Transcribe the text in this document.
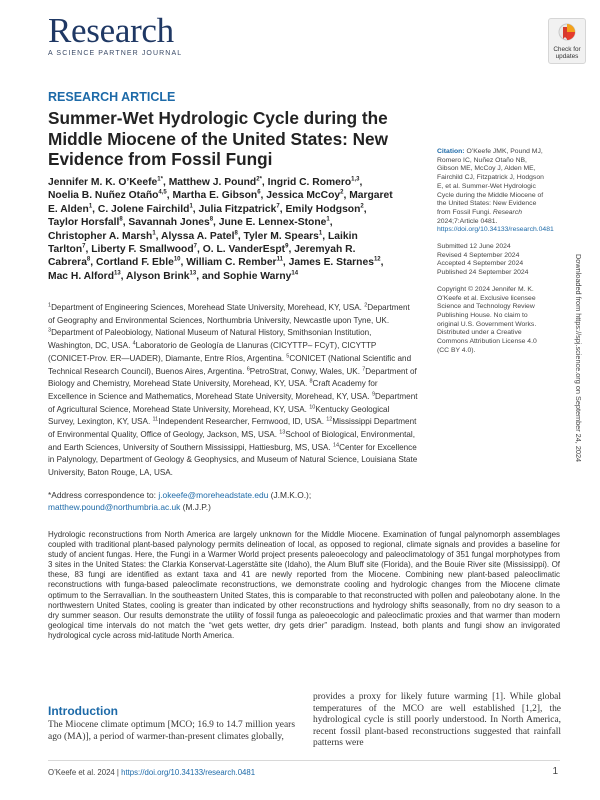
Research
A SCIENCE PARTNER JOURNAL
Check for
updates
RESEARCH ARTICLE
Summer-Wet Hydrologic Cycle during the Middle Miocene of the United States: New Evidence from Fossil Fungi
Jennifer M. K. O’Keefe$^{1*}$, Matthew J. Pound$^{2*}$, Ingrid C. Romero$^{1,3}$, Noelia B. Nuñez Otaño$^{4,5}$, Martha E. Gibson$^6$, Jessica McCoy$^2$, Margaret E. Alden$^1$, C. Jolene Fairchild$^1$, Julia Fitzpatrick$^7$, Emily Hodgson$^2$, Taylor Horsfall$^8$, Savannah Jones$^8$, June E. Lennex-Stone$^1$, Christopher A. Marsh$^1$, Alyssa A. Patel$^8$, Tyler M. Spears$^1$, Laikin Tarlton$^7$, Liberty F. Smallwood$^7$, O. L. VanderEspt$^9$, Jeremyah R. Cabrera$^8$, Cortland F. Eble$^{10}$, William C. Rember$^{11}$, James E. Starnes$^{12}$, Mac H. Alford$^{13}$, Alyson Brink$^{13}$, and Sophie Warny$^{14}$
$^1$Department of Engineering Sciences, Morehead State University, Morehead, KY, USA. $^2$Department of Geography and Environmental Sciences, Northumbria University, Newcastle upon Tyne, UK. $^3$Department of Paleobiology, National Museum of Natural History, Smithsonian Institution, Washington, DC, USA. $^4$Laboratorio de Geología de Llanuras (CICYTTP– FCyT), CICYTTP (CONICET-Prov. ER—UADER), Diamante, Entre Ríos, Argentina. $^5$CONICET (National Scientific and Technical Research Council), Buenos Aires, Argentina. $^6$PetroStrat, Conwy, Wales, UK. $^7$Department of Biology and Chemistry, Morehead State University, Morehead, KY, USA. $^8$Craft Academy for Excellence in Science and Mathematics, Morehead State University, Morehead, KY, USA. $^9$Department of Agricultural Science, Morehead State University, Morehead, KY, USA. $^{10}$Kentucky Geological Survey, Lexington, KY, USA. $^{11}$Independent Researcher, Fernwood, ID, USA. $^{12}$Mississippi Department of Environmental Quality, Office of Geology, Jackson, MS, USA. $^{13}$School of Biological, Environmental, and Earth Sciences, University of Southern Mississippi, Hattiesburg, MS, USA. $^{14}$Center for Excellence in Palynology, Department of Geology & Geophysics, and Museum of Natural Science, Louisiana State University, Baton Rouge, LA, USA.
*Address correspondence to: j.okeefe@moreheadstate.edu (J.M.K.O.); matthew.pound@northumbria.ac.uk (M.J.P.)
Hydrologic reconstructions from North America are largely unknown for the Middle Miocene. Examination of fungal palynomorph assemblages coupled with traditional plant-based palynology permits delineation of local, as opposed to regional, climate signals and provides a baseline for study of ancient fungas. Here, the Fungi in a Warmer World project presents paleoecology and paleoclimatology of 351 fungal morphotypes from 3 sites in the United States: the Clarkia Konservat-Lagerstätte site (Idaho), the Alum Bluff site (Florida), and the Bouie River site (Mississippi). Of these, 83 fungi are identified as extant taxa and 41 are newly reported from the Miocene. Combining new plant-based paleoclimatic reconstructions with funga-based paleoclimate reconstructions, we demonstrate cooling and hydrologic changes from the Miocene climate optimum to the Serravallian. In the southeastern United States, this is comparable to that reconstructed with pollen and paleobotany alone. In the northwestern United States, cooling is greater than indicated by other reconstructions and hydrology shifts seasonally, from no dry season to a dry summer season. Our results demonstrate the utility of fossil funga as paleoecologic and paleoclimatic proxies and that warmer than modern geological time intervals do not match the “wet gets wetter, dry gets drier” paradigm. Instead, both plants and fungi show an invigorated hydrological cycle across mid-latitude North America.

Citation: O’Keefe JMK, Pound MJ, Romero IC, Nuñez Otaño NB, Gibson ME, McCoy J, Alden ME, Fairchild CJ, Fitzpatrick J, Hodgson E, et al. Summer-Wet Hydrologic Cycle during the Middle Miocene of the United States: New Evidence from Fossil Fungi. Research 2024;7:Article 0481. https://doi.org/10.34133/research.0481

Submitted 12 June 2024
Revised 4 September 2024
Accepted 4 September 2024
Published 24 September 2024

Copyright © 2024 Jennifer M. K. O’Keefe et al. Exclusive licensee Science and Technology Review Publishing House. No claim to original U.S. Government Works. Distributed under a Creative Commons Attribution License 4.0 (CC BY 4.0).	Downloaded from https://spj.science.org on September 24, 2024
Introduction
The Miocene climate optimum [MCO; 16.9 to 14.7 million years ago (MA)], a period of warmer-than-present climates globally,
provides a proxy for likely future warming [1]. While global temperatures of the MCO are well established [1,2], the hydrological cycle is still poorly understood. In North America, recent fossil plant-based reconstructions suggested that rainfall patterns were
O’Keefe et al. 2024 | https://doi.org/10.34133/research.0481	1
